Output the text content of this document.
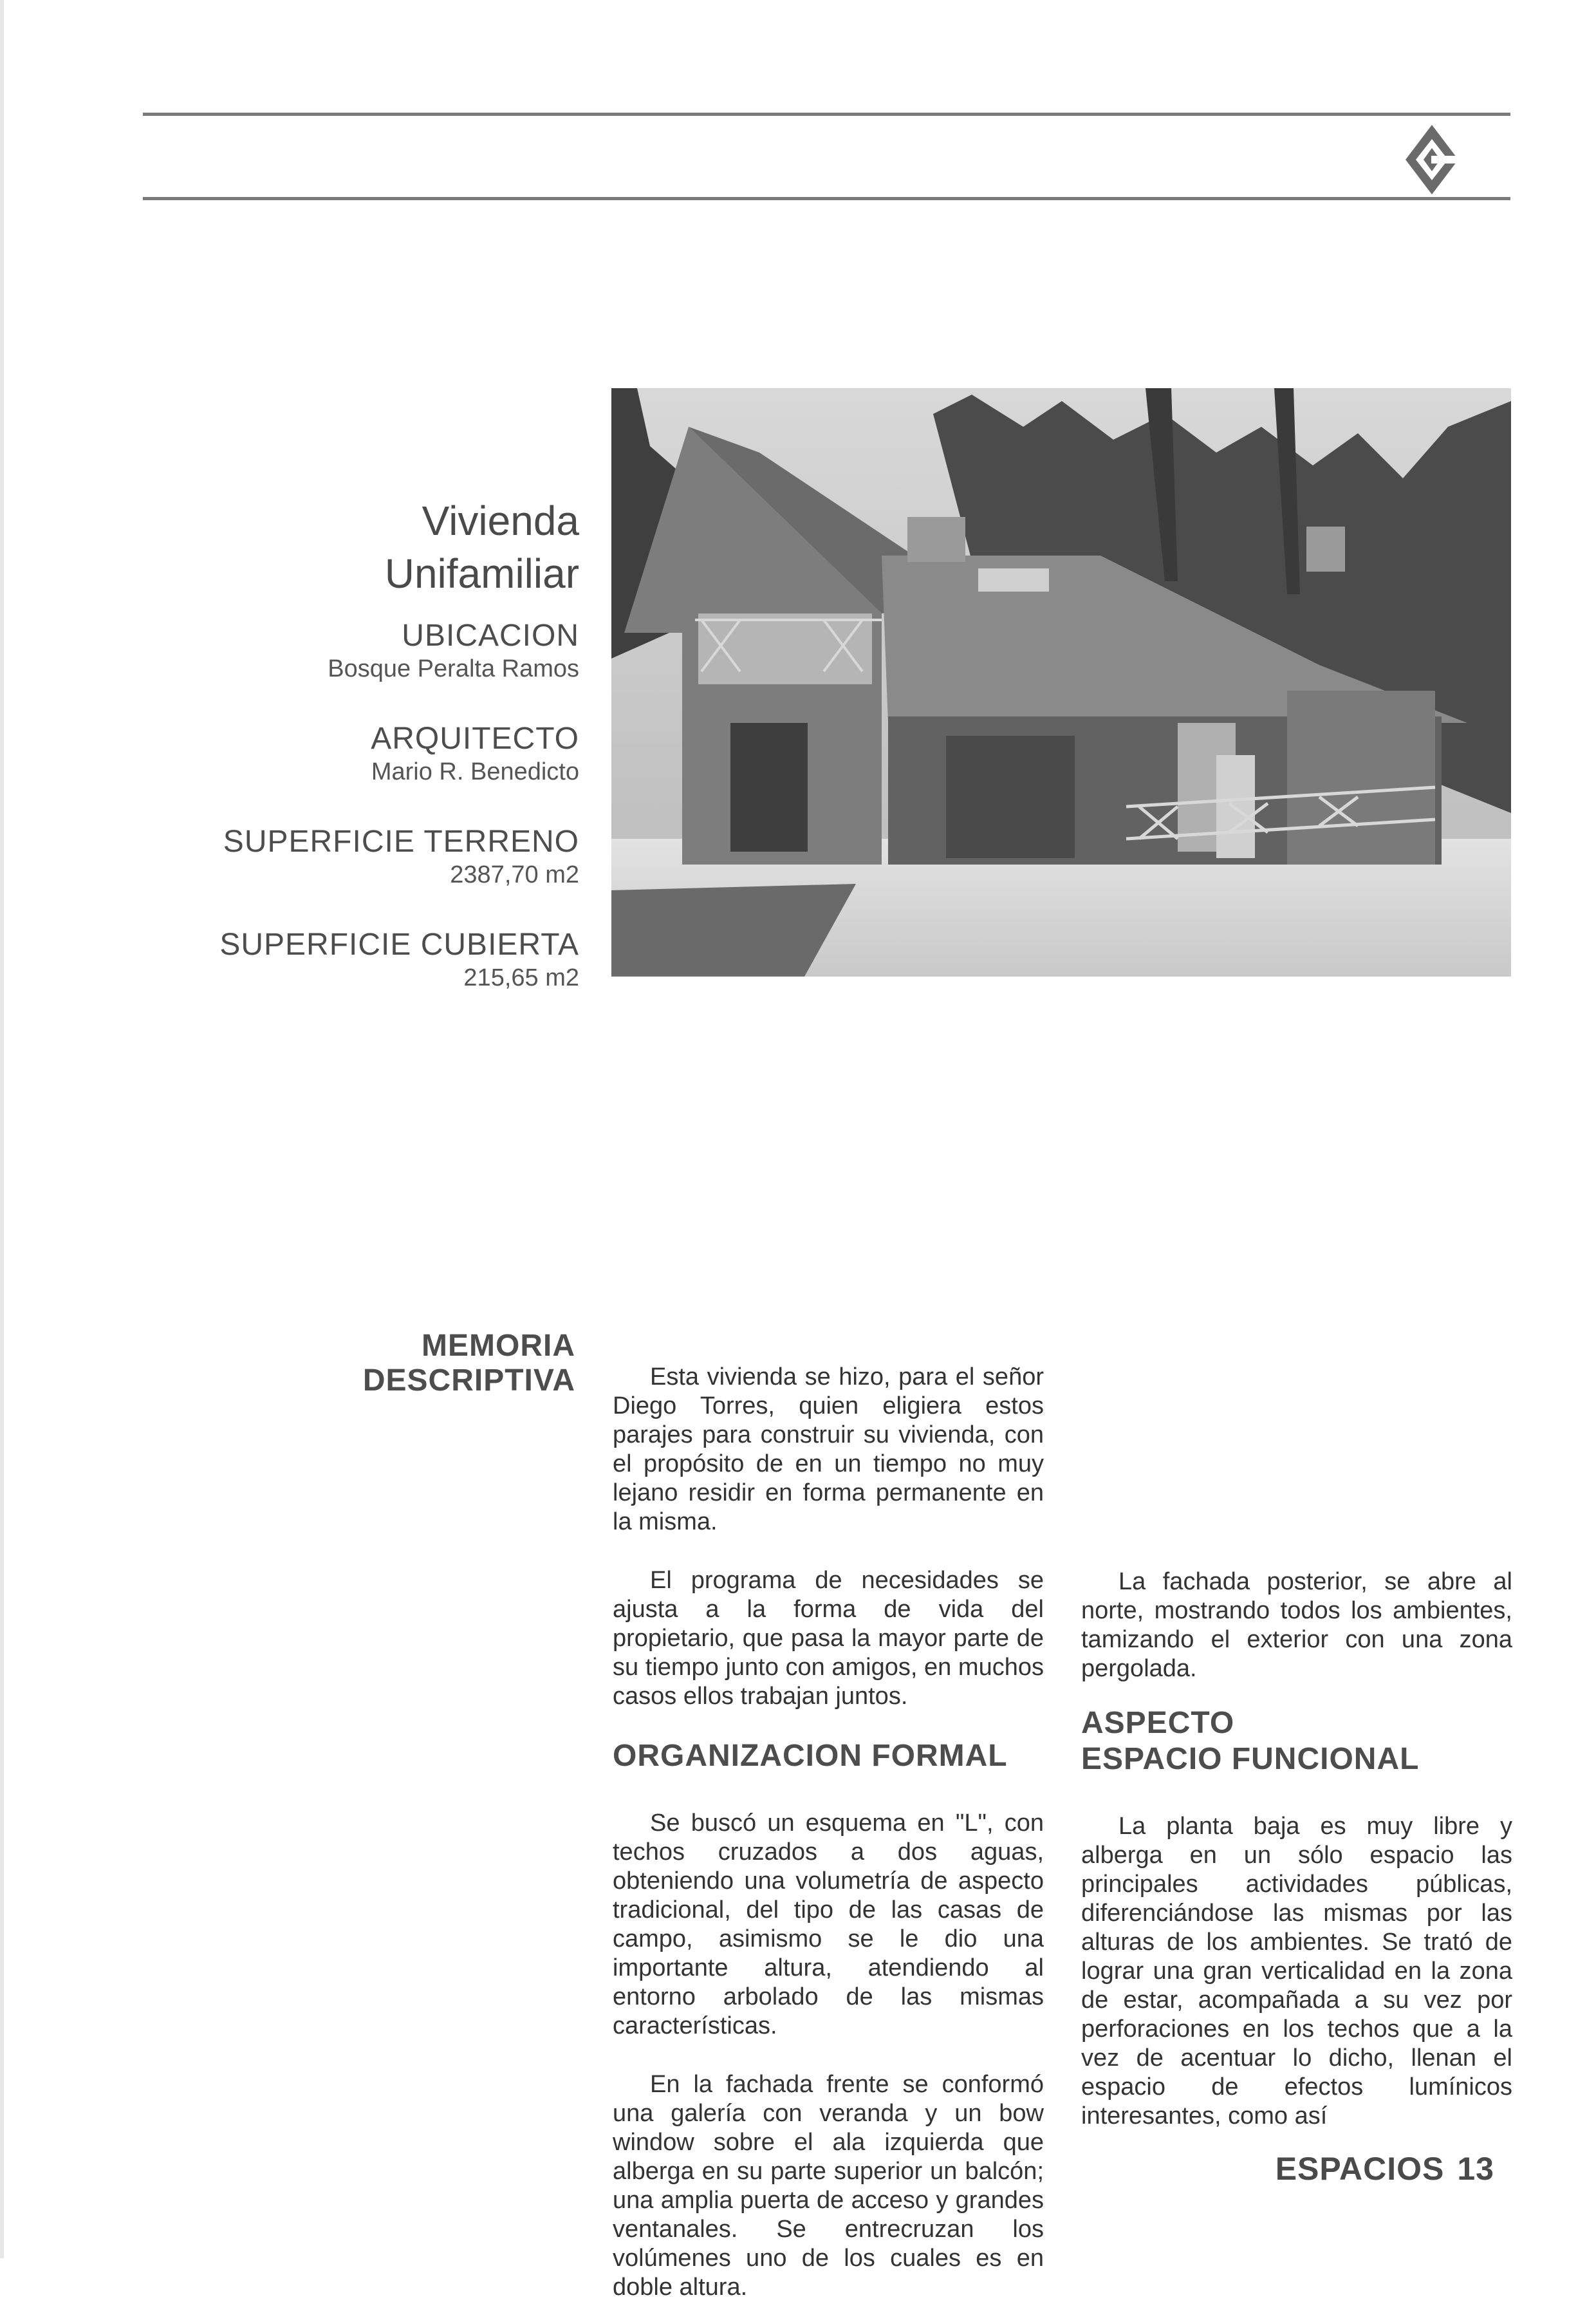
Vivienda
Unifamiliar
UBICACION
Bosque Peralta Ramos
ARQUITECTO
Mario R. Benedicto
SUPERFICIE TERRENO
2387,70 m2
SUPERFICIE CUBIERTA
215,65 m2
MEMORIA
DESCRIPTIVA	Esta vivienda se hizo, para el señor Diego Torres, quien eligiera estos parajes para construir su vivienda, con el propósito de en un tiempo no muy lejano residir en forma permanente en la misma.

El programa de necesidades se ajusta a la forma de vida del propietario, que pasa la mayor parte de su tiempo junto con amigos, en muchos casos ellos trabajan juntos.

ORGANIZACION FORMAL

Se buscó un esquema en "L", con techos cruzados a dos aguas, obteniendo una volumetría de aspecto tradicional, del tipo de las casas de campo, asimismo se le dio una importante altura, atendiendo al entorno arbolado de las mismas características.

En la fachada frente se conformó una galería con veranda y un bow window sobre el ala izquierda que alberga en su parte superior un balcón; una amplia puerta de acceso y grandes ventanales. Se entrecruzan los volúmenes uno de los cuales es en doble altura.

La fachada posterior, se abre al norte, mostrando todos los ambientes, tamizando el exterior con una zona pergolada.

ASPECTO
ESPACIO FUNCIONAL

La planta baja es muy libre y alberga en un sólo espacio las principales actividades públicas, diferenciándose las mismas por las alturas de los ambientes. Se trató de lograr una gran verticalidad en la zona de estar, acompañada a su vez por perforaciones en los techos que a la vez de acentuar lo dicho, llenan el espacio de efectos lumínicos interesantes, como así

ESPACIOS 13
